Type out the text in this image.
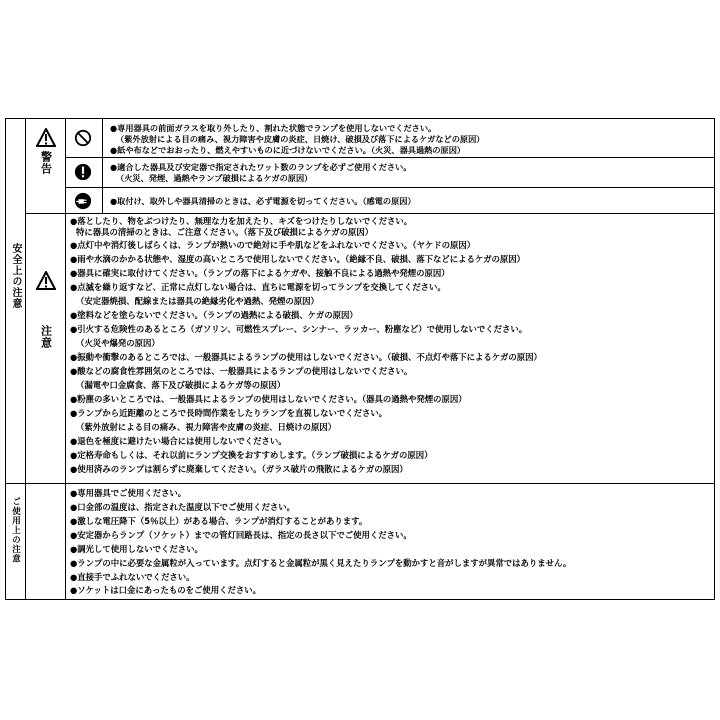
安全上の注意
ご使用上の注意
警告
注意
●専用器具の前面ガラスを取り外したり、割れた状態でランプを使用しないでください。
（紫外放射による目の痛み、視力障害や皮膚の炎症、日焼け、破損及び落下によるケガなどの原因）
●紙や布などでおおったり、燃えやすいものに近づけないでください。（火災、器具過熱の原因）
●適合した器具及び安定器で指定されたワット数のランプを必ずご使用ください。
（火災、発煙、過熱やランプ破損によるケガの原因）
●取付け、取外しや器具清掃のときは、必ず電源を切ってください。（感電の原因）
●落としたり、物をぶつけたり、無理な力を加えたり、キズをつけたりしないでください。
特に器具の清掃のときは、ご注意ください。（落下及び破損によるケガの原因）
●点灯中や消灯後しばらくは、ランプが熱いので絶対に手や肌などをふれないでください。（ヤケドの原因）
●雨や水滴のかかる状態や、湿度の高いところで使用しないでください。（絶縁不良、破損、落下などによるケガの原因）
●器具に確実に取付けてください。（ランプの落下によるケガや、接触不良による過熱や発煙の原因）
●点滅を繰り返すなど、正常に点灯しない場合は、直ちに電源を切ってランプを交換してください。
（安定器焼損、配線または器具の絶縁劣化や過熱、発煙の原因）
●塗料などを塗らないでください。（ランプの過熱による破損、ケガの原因）
●引火する危険性のあるところ（ガソリン、可燃性スプレー、シンナー、ラッカー、粉塵など）で使用しないでください。
（火災や爆発の原因）
●振動や衝撃のあるところでは、一般器具によるランプの使用はしないでください。（破損、不点灯や落下によるケガの原因）
●酸などの腐食性雰囲気のところでは、一般器具によるランプの使用はしないでください。
（漏電や口金腐食、落下及び破損によるケガ等の原因）
●粉塵の多いところでは、一般器具によるランプの使用はしないでください。（器具の過熱や発煙の原因）
●ランプから近距離のところで長時間作業をしたりランプを直視しないでください。
（紫外放射による目の痛み、視力障害や皮膚の炎症、日焼けの原因）
●退色を極度に避けたい場合には使用しないでください。
●定格寿命もしくは、それ以前にランプ交換をおすすめします。（ランプ破損によるケガの原因）
●使用済みのランプは割らずに廃棄してください。（ガラス破片の飛散によるケガの原因）
●専用器具でご使用ください。
●口金部の温度は、指定された温度以下でご使用ください。
●激しな電圧降下（5％以上）がある場合、ランプが消灯することがあります。
●安定器からランプ（ソケット）までの管灯回路長は、指定の長さ以下でご使用ください。
●調光して使用しないでください。
●ランプの中に必要な金属粒が入っています。点灯すると金属粒が黒く見えたりランプを動かすと音がしますが異常ではありません。
●直接手でふれないでください。
●ソケットは口金にあったものをご使用ください。
